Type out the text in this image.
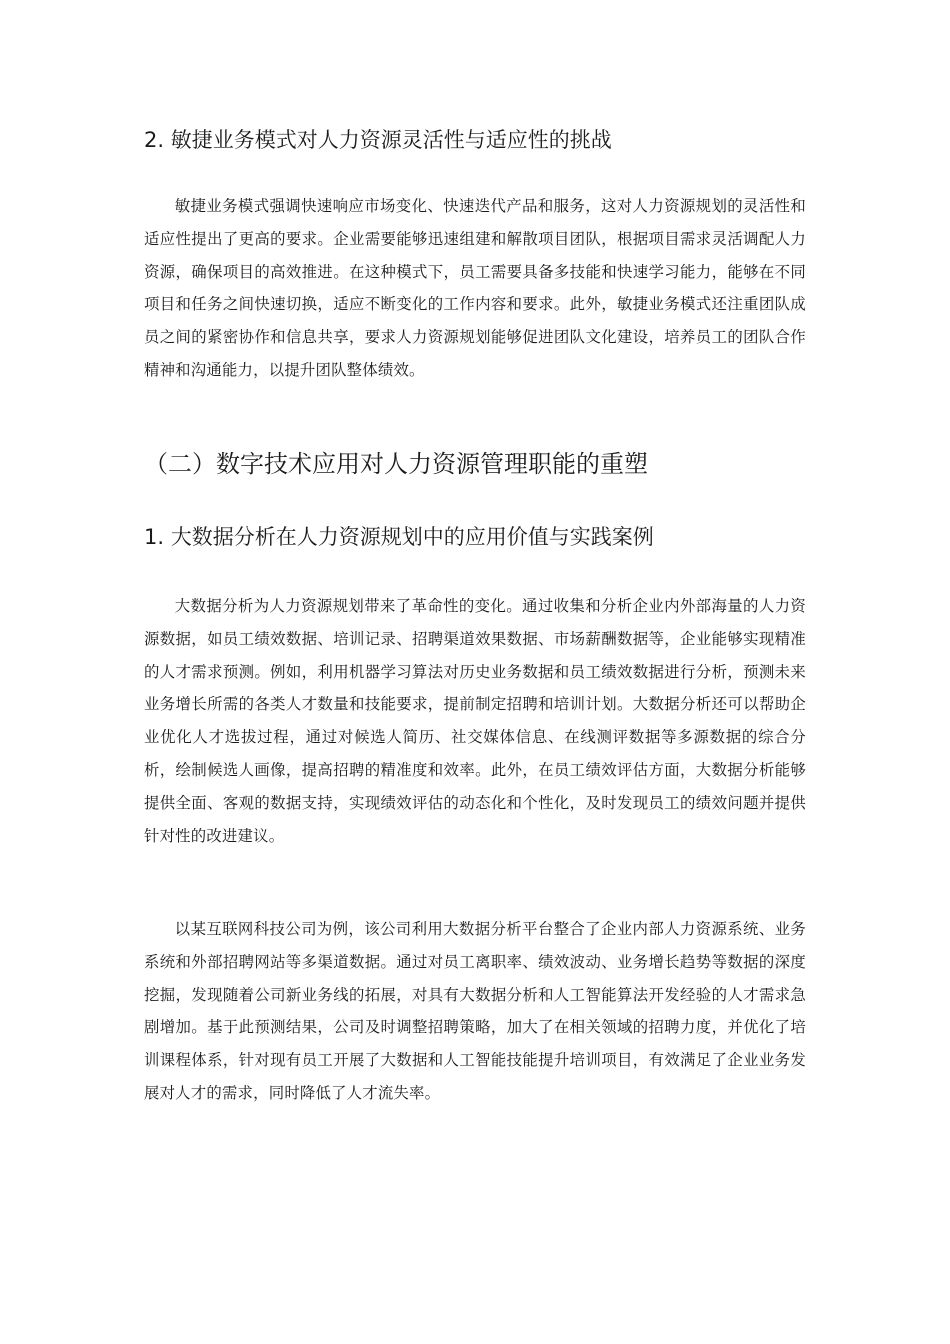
2. 敏捷业务模式对人力资源灵活性与适应性的挑战

敏捷业务模式强调快速响应市场变化、快速迭代产品和服务，这对人力资源规划的灵活性和适应性提出了更高的要求。企业需要能够迅速组建和解散项目团队，根据项目需求灵活调配人力资源，确保项目的高效推进。在这种模式下，员工需要具备多技能和快速学习能力，能够在不同项目和任务之间快速切换，适应不断变化的工作内容和要求。此外，敏捷业务模式还注重团队成员之间的紧密协作和信息共享，要求人力资源规划能够促进团队文化建设，培养员工的团队合作精神和沟通能力，以提升团队整体绩效。

（二）数字技术应用对人力资源管理职能的重塑
1. 大数据分析在人力资源规划中的应用价值与实践案例

大数据分析为人力资源规划带来了革命性的变化。通过收集和分析企业内外部海量的人力资源数据，如员工绩效数据、培训记录、招聘渠道效果数据、市场薪酬数据等，企业能够实现精准的人才需求预测。例如，利用机器学习算法对历史业务数据和员工绩效数据进行分析，预测未来业务增长所需的各类人才数量和技能要求，提前制定招聘和培训计划。大数据分析还可以帮助企业优化人才选拔过程，通过对候选人简历、社交媒体信息、在线测评数据等多源数据的综合分析，绘制候选人画像，提高招聘的精准度和效率。此外，在员工绩效评估方面，大数据分析能够提供全面、客观的数据支持，实现绩效评估的动态化和个性化，及时发现员工的绩效问题并提供针对性的改进建议。

以某互联网科技公司为例，该公司利用大数据分析平台整合了企业内部人力资源系统、业务系统和外部招聘网站等多渠道数据。通过对员工离职率、绩效波动、业务增长趋势等数据的深度挖掘，发现随着公司新业务线的拓展，对具有大数据分析和人工智能算法开发经验的人才需求急剧增加。基于此预测结果，公司及时调整招聘策略，加大了在相关领域的招聘力度，并优化了培训课程体系，针对现有员工开展了大数据和人工智能技能提升培训项目，有效满足了企业业务发展对人才的需求，同时降低了人才流失率。
